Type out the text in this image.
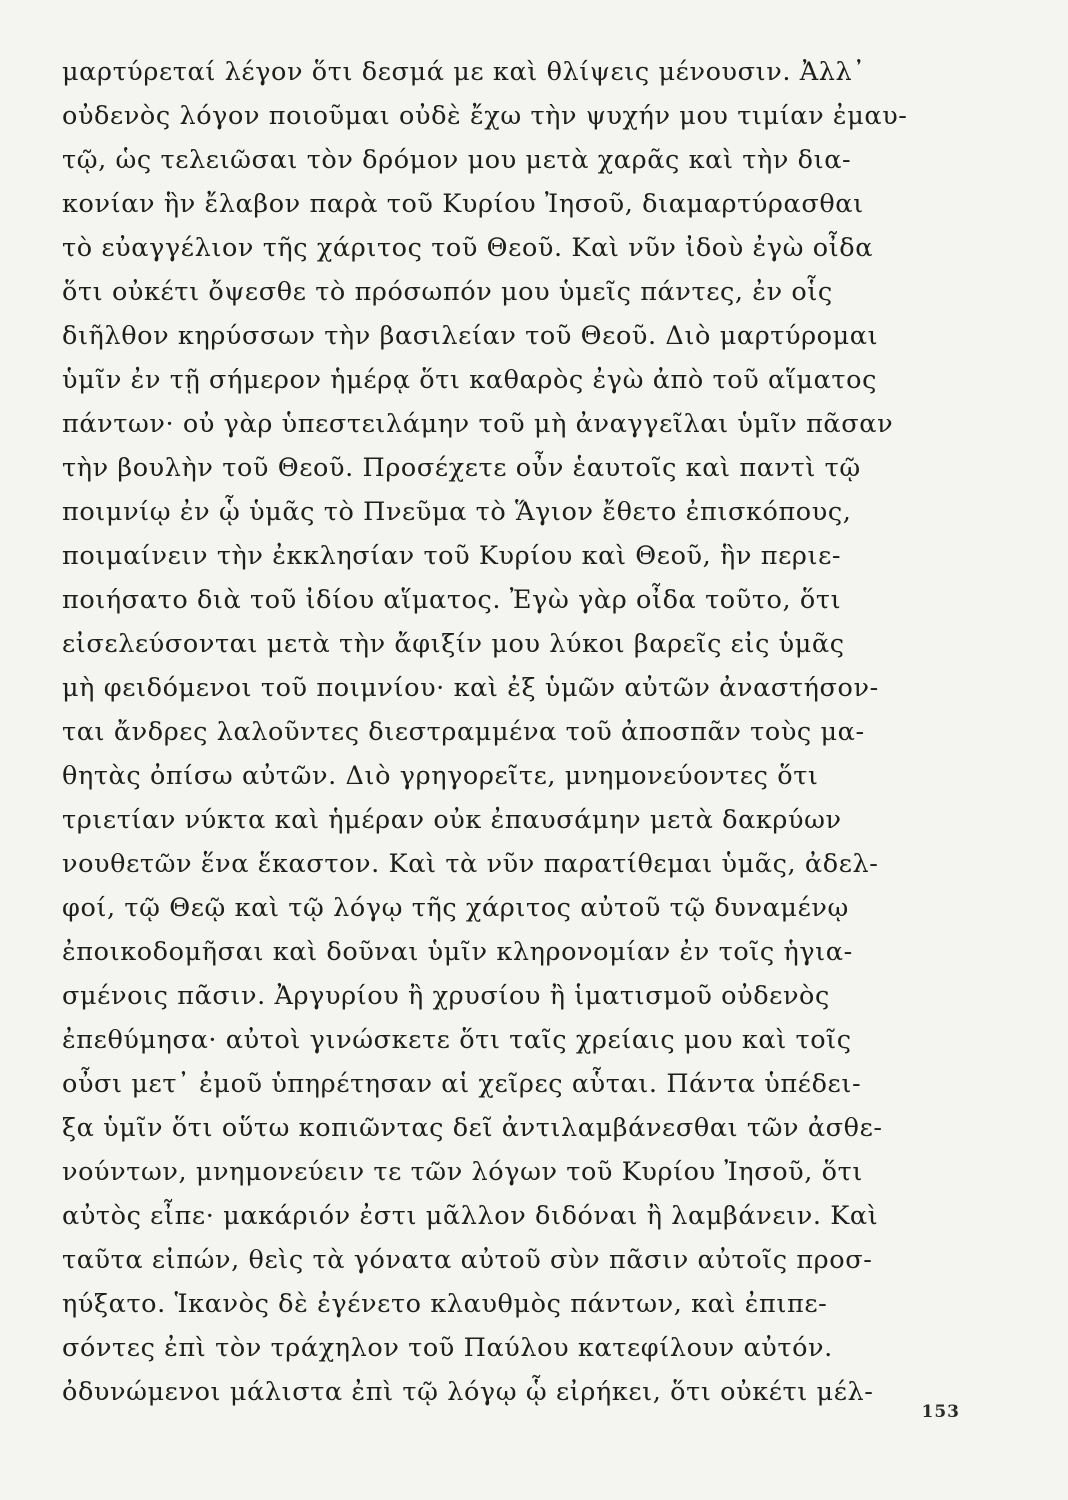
μαρτύρεταί λέγον ὅτι δεσμά με καὶ θλίψεις μένουσιν. Ἀλλ᾿
οὐδενὸς λόγον ποιοῦμαι οὐδὲ ἔχω τὴν ψυχήν μου τιμίαν ἐμαυ-
τῷ, ὡς τελειῶσαι τὸν δρόμον μου μετὰ χαρᾶς καὶ τὴν δια-
κονίαν ἣν ἔλαβον παρὰ τοῦ Κυρίου Ἰησοῦ, διαμαρτύρασθαι
τὸ εὐαγγέλιον τῆς χάριτος τοῦ Θεοῦ. Καὶ νῦν ἰδοὺ ἐγὼ οἶδα
ὅτι οὐκέτι ὄψεσθε τὸ πρόσωπόν μου ὑμεῖς πάντες, ἐν οἷς
διῆλθον κηρύσσων τὴν βασιλείαν τοῦ Θεοῦ. Διὸ μαρτύρομαι
ὑμῖν ἐν τῇ σήμερον ἡμέρᾳ ὅτι καθαρὸς ἐγὼ ἀπὸ τοῦ αἵματος
πάντων· οὐ γὰρ ὑπεστειλάμην τοῦ μὴ ἀναγγεῖλαι ὑμῖν πᾶσαν
τὴν βουλὴν τοῦ Θεοῦ. Προσέχετε οὖν ἑαυτοῖς καὶ παντὶ τῷ
ποιμνίῳ ἐν ᾧ ὑμᾶς τὸ Πνεῦμα τὸ Ἅγιον ἔθετο ἐπισκόπους,
ποιμαίνειν τὴν ἐκκλησίαν τοῦ Κυρίου καὶ Θεοῦ, ἣν περιε-
ποιήσατο διὰ τοῦ ἰδίου αἵματος. Ἐγὼ γὰρ οἶδα τοῦτο, ὅτι
εἰσελεύσονται μετὰ τὴν ἄφιξίν μου λύκοι βαρεῖς εἰς ὑμᾶς
μὴ φειδόμενοι τοῦ ποιμνίου· καὶ ἐξ ὑμῶν αὐτῶν ἀναστήσον-
ται ἄνδρες λαλοῦντες διεστραμμένα τοῦ ἀποσπᾶν τοὺς μα-
θητὰς ὀπίσω αὐτῶν. Διὸ γρηγορεῖτε, μνημονεύοντες ὅτι
τριετίαν νύκτα καὶ ἡμέραν οὐκ ἐπαυσάμην μετὰ δακρύων
νουθετῶν ἕνα ἕκαστον. Καὶ τὰ νῦν παρατίθεμαι ὑμᾶς, ἀδελ-
φοί, τῷ Θεῷ καὶ τῷ λόγῳ τῆς χάριτος αὐτοῦ τῷ δυναμένῳ
ἐποικοδομῆσαι καὶ δοῦναι ὑμῖν κληρονομίαν ἐν τοῖς ἡγια-
σμένοις πᾶσιν. Ἀργυρίου ἢ χρυσίου ἢ ἱματισμοῦ οὐδενὸς
ἐπεθύμησα· αὐτοὶ γινώσκετε ὅτι ταῖς χρείαις μου καὶ τοῖς
οὖσι μετ᾿ ἐμοῦ ὑπηρέτησαν αἱ χεῖρες αὗται. Πάντα ὑπέδει-
ξα ὑμῖν ὅτι οὕτω κοπιῶντας δεῖ ἀντιλαμβάνεσθαι τῶν ἀσθε-
νούντων, μνημονεύειν τε τῶν λόγων τοῦ Κυρίου Ἰησοῦ, ὅτι
αὐτὸς εἶπε· μακάριόν ἐστι μᾶλλον διδόναι ἢ λαμβάνειν. Καὶ
ταῦτα εἰπών, θεὶς τὰ γόνατα αὐτοῦ σὺν πᾶσιν αὐτοῖς προσ-
ηύξατο. Ἱκανὸς δὲ ἐγένετο κλαυθμὸς πάντων, καὶ ἐπιπε-
σόντες ἐπὶ τὸν τράχηλον τοῦ Παύλου κατεφίλουν αὐτόν.
ὀδυνώμενοι μάλιστα ἐπὶ τῷ λόγῳ ᾧ εἰρήκει, ὅτι οὐκέτι μέλ-
153
